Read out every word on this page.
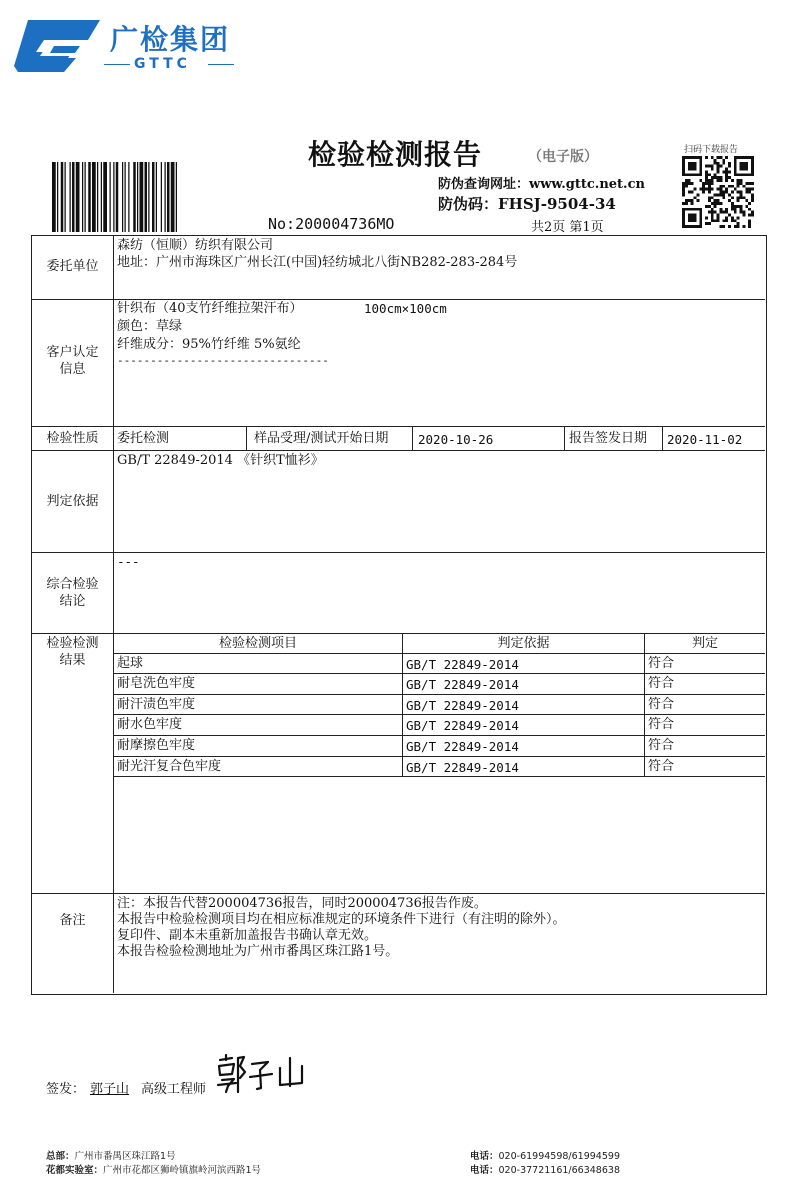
广检集团
GTTC
检验检测报告	（电子版）
No:200004736MO
防伪查询网址：www.gttc.net.cn
防伪码：FHSJ-9504-34
共2页 第1页
扫码下载报告
委托单位
森纺（恒顺）纺织有限公司
地址：广州市海珠区广州长江(中国)轻纺城北八街NB282-283-284号
客户认定
信息
针织布（40支竹纤维拉架汗布）	100cm×100cm
颜色：草绿
纤维成分：95%竹纤维 5%氨纶
--------------------------------
检验性质	委托检测	样品受理/测试开始日期 2020-10-26	报告签发日期 2020-11-02
判定依据
GB/T 22849-2014 《针织T恤衫》
综合检验
结论
---
检验检测
结果
检验检测项目	判定依据	判定
起球	GB/T 22849-2014	符合
耐皂洗色牢度	GB/T 22849-2014	符合
耐汗渍色牢度	GB/T 22849-2014	符合
耐水色牢度	GB/T 22849-2014	符合
耐摩擦色牢度	GB/T 22849-2014	符合
耐光汗复合色牢度	GB/T 22849-2014	符合
备注
注：本报告代替200004736报告，同时200004736报告作废。
本报告中检验检测项目均在相应标准规定的环境条件下进行（有注明的除外）。
复印件、副本未重新加盖报告书确认章无效。
本报告检验检测地址为广州市番禺区珠江路1号。
签发： 郭子山 高级工程师
总部：广州市番禺区珠江路1号
花都实验室：广州市花都区狮岭镇旗岭河滨西路1号
电话：020-61994598/61994599
电话：020-37721161/66348638
